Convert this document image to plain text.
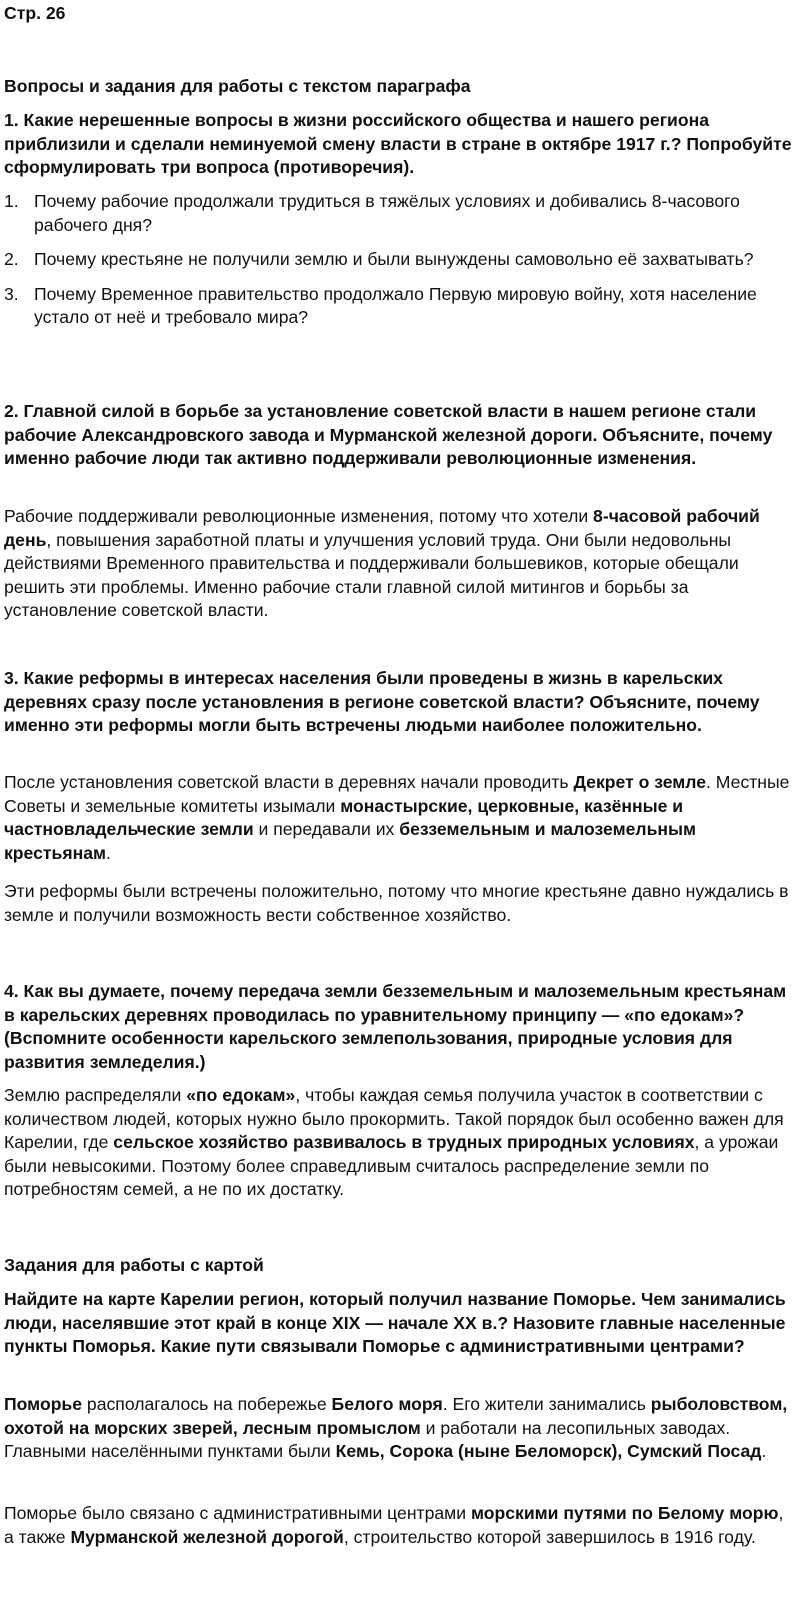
Стр. 26

Вопросы и задания для работы с текстом параграфа

1. Какие нерешенные вопросы в жизни российского общества и нашего региона приблизили и сделали неминуемой смену власти в стране в октябре 1917 г.? Попробуйте сформулировать три вопроса (противоречия).

1. Почему рабочие продолжали трудиться в тяжёлых условиях и добивались 8-часового рабочего дня?
2. Почему крестьяне не получили землю и были вынуждены самовольно её захватывать?
3. Почему Временное правительство продолжало Первую мировую войну, хотя население устало от неё и требовало мира?

2. Главной силой в борьбе за установление советской власти в нашем регионе стали рабочие Александровского завода и Мурманской железной дороги. Объясните, почему именно рабочие люди так активно поддерживали революционные изменения.

Рабочие поддерживали революционные изменения, потому что хотели 8-часовой рабочий день, повышения заработной платы и улучшения условий труда. Они были недовольны действиями Временного правительства и поддерживали большевиков, которые обещали решить эти проблемы. Именно рабочие стали главной силой митингов и борьбы за установление советской власти.

3. Какие реформы в интересах населения были проведены в жизнь в карельских деревнях сразу после установления в регионе советской власти? Объясните, почему именно эти реформы могли быть встречены людьми наиболее положительно.

После установления советской власти в деревнях начали проводить Декрет о земле. Местные Советы и земельные комитеты изымали монастырские, церковные, казённые и частновладельческие земли и передавали их безземельным и малоземельным крестьянам.

Эти реформы были встречены положительно, потому что многие крестьяне давно нуждались в земле и получили возможность вести собственное хозяйство.

4. Как вы думаете, почему передача земли безземельным и малоземельным крестьянам в карельских деревнях проводилась по уравнительному принципу — «по едокам»? (Вспомните особенности карельского землепользования, природные условия для развития земледелия.)

Землю распределяли «по едокам», чтобы каждая семья получила участок в соответствии с количеством людей, которых нужно было прокормить. Такой порядок был особенно важен для Карелии, где сельское хозяйство развивалось в трудных природных условиях, а урожаи были невысокими. Поэтому более справедливым считалось распределение земли по потребностям семей, а не по их достатку.

Задания для работы с картой

Найдите на карте Карелии регион, который получил название Поморье. Чем занимались люди, населявшие этот край в конце XIX — начале XX в.? Назовите главные населенные пункты Поморья. Какие пути связывали Поморье с административными центрами?

Поморье располагалось на побережье Белого моря. Его жители занимались рыболовством, охотой на морских зверей, лесным промыслом и работали на лесопильных заводах. Главными населёнными пунктами были Кемь, Сорока (ныне Беломорск), Сумский Посад.

Поморье было связано с административными центрами морскими путями по Белому морю, а также Мурманской железной дорогой, строительство которой завершилось в 1916 году.
